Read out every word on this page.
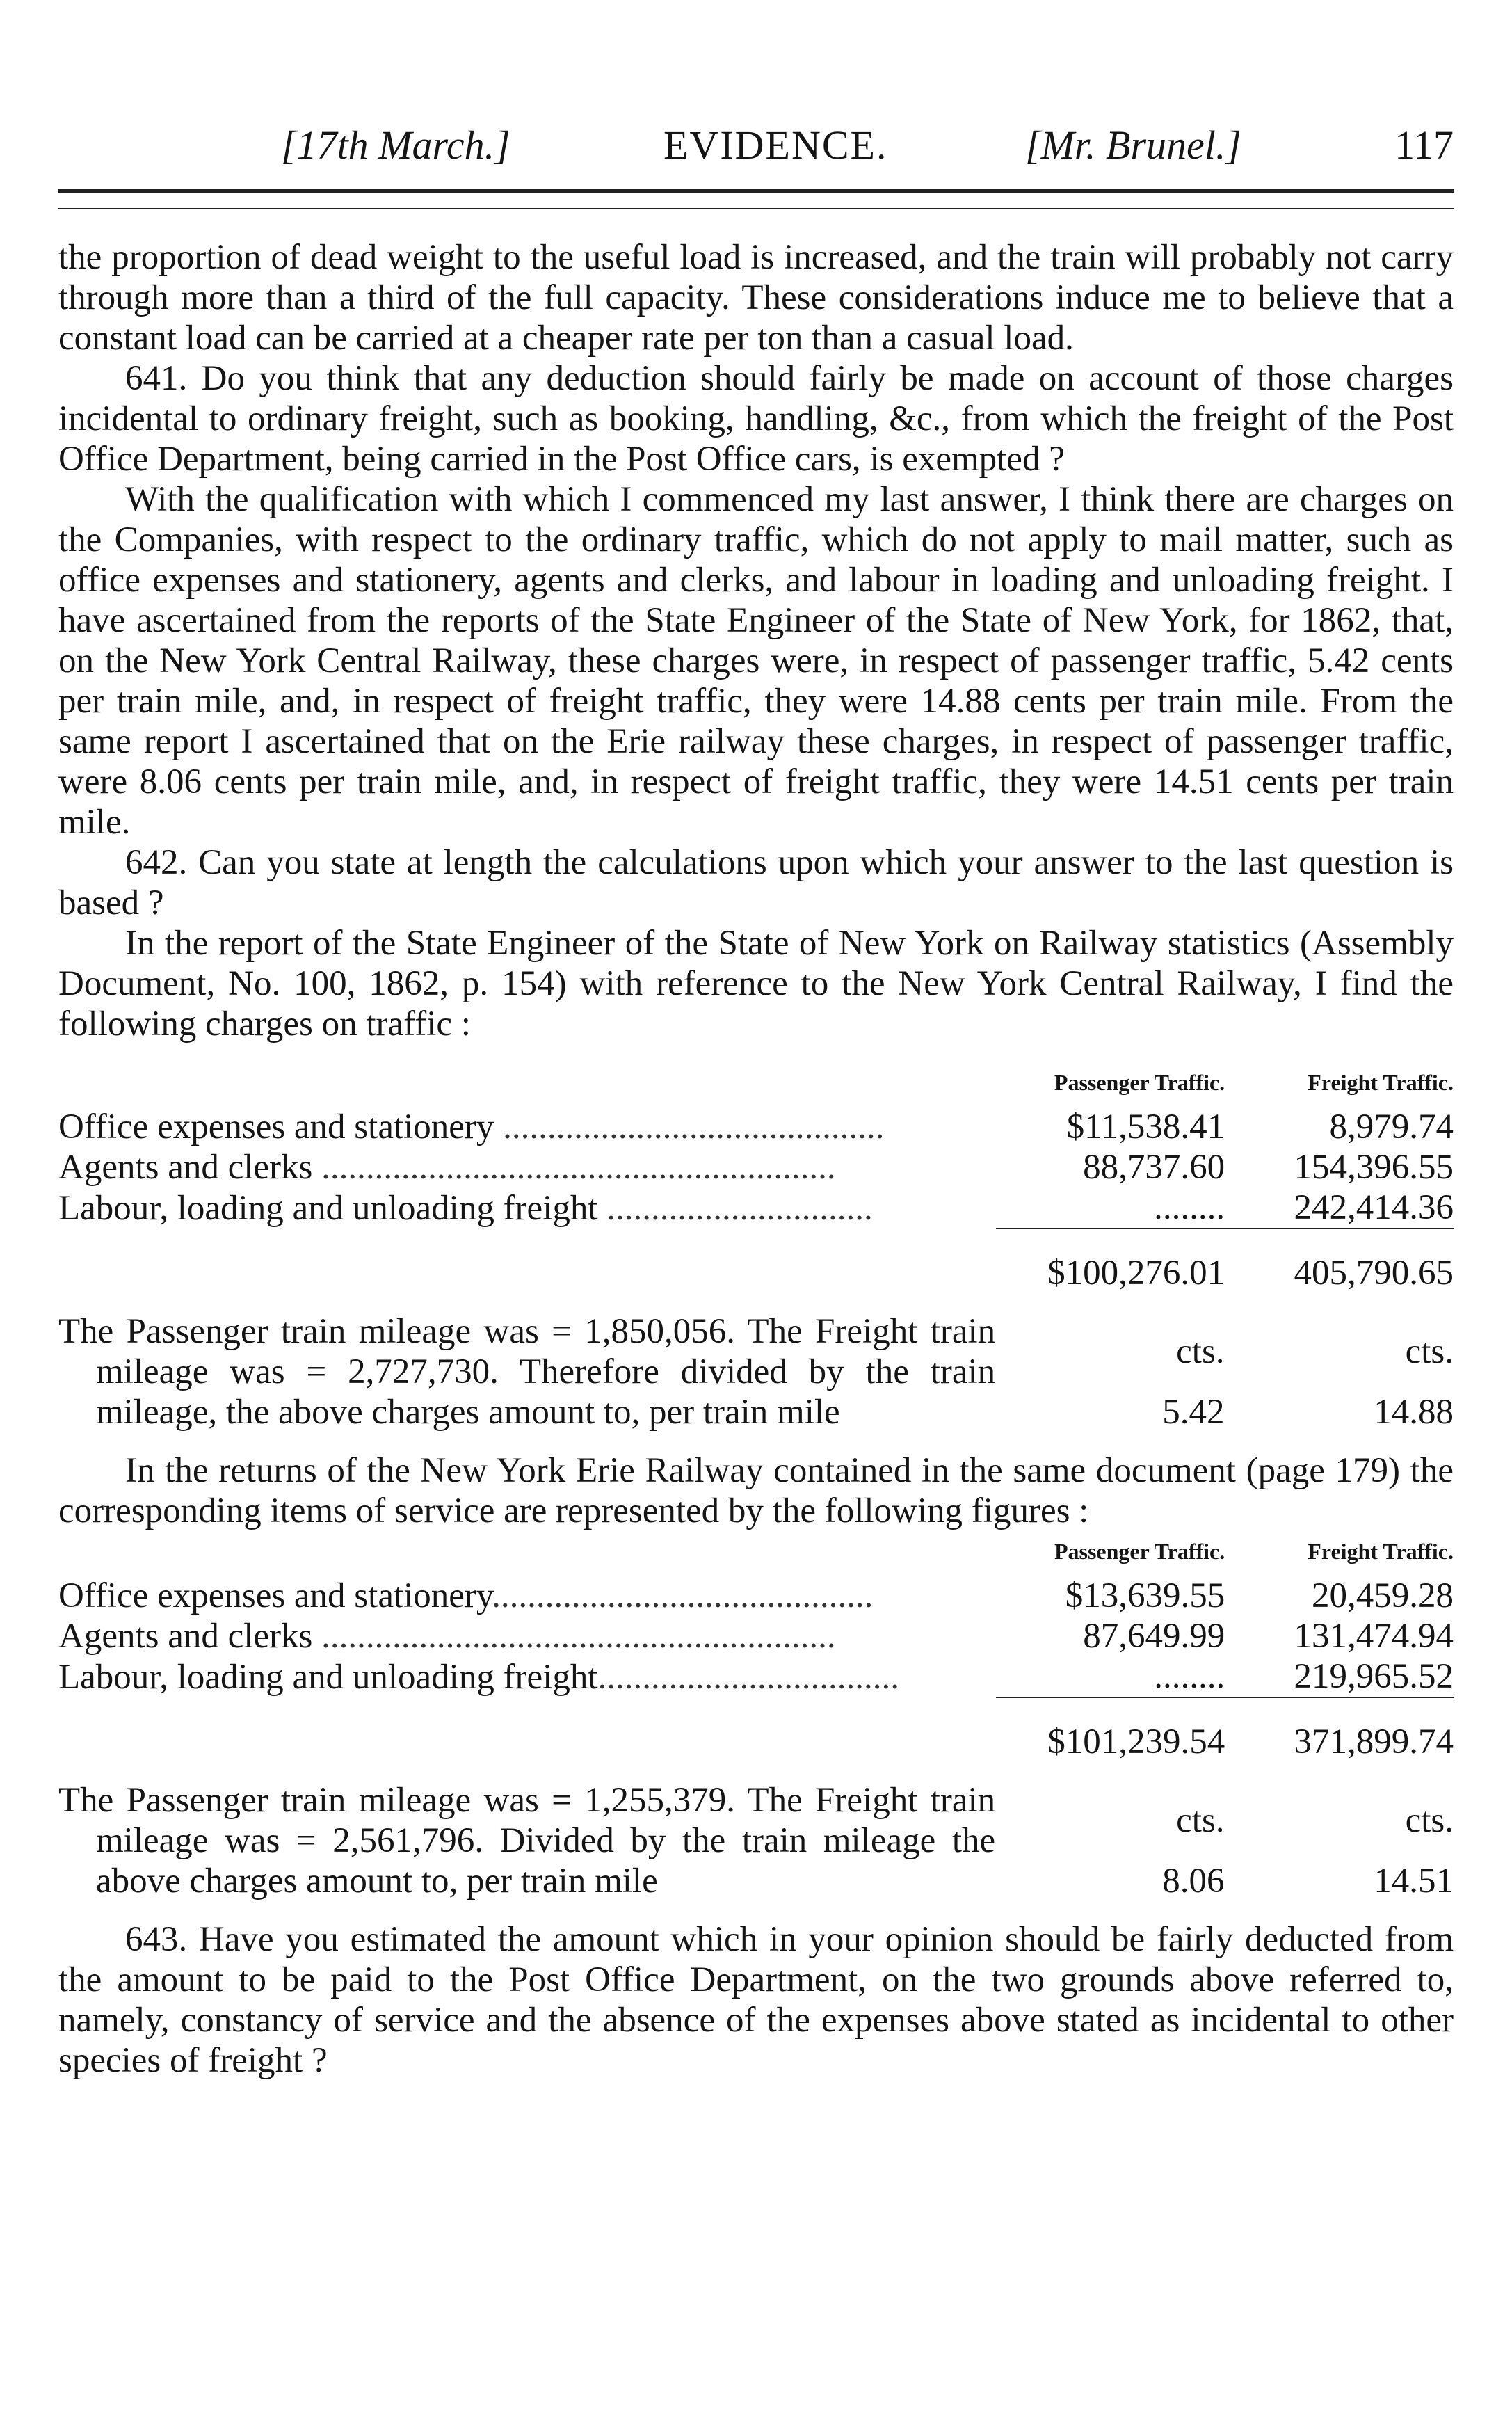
[17th March.]	EVIDENCE.	[Mr. Brunel.]	117

the proportion of dead weight to the useful load is increased, and the train will probably not carry through more than a third of the full capacity. These considerations induce me to believe that a constant load can be carried at a cheaper rate per ton than a casual load.

641. Do you think that any deduction should fairly be made on account of those charges incidental to ordinary freight, such as booking, handling, &c., from which the freight of the Post Office Department, being carried in the Post Office cars, is exempted ?

With the qualification with which I commenced my last answer, I think there are charges on the Companies, with respect to the ordinary traffic, which do not apply to mail matter, such as office expenses and stationery, agents and clerks, and labour in loading and unloading freight. I have ascertained from the reports of the State Engineer of the State of New York, for 1862, that, on the New York Central Railway, these charges were, in respect of passenger traffic, 5.42 cents per train mile, and, in respect of freight traffic, they were 14.88 cents per train mile. From the same report I ascertained that on the Erie railway these charges, in respect of passenger traffic, were 8.06 cents per train mile, and, in respect of freight traffic, they were 14.51 cents per train mile.

642. Can you state at length the calculations upon which your answer to the last question is based ?

In the report of the State Engineer of the State of New York on Railway statistics (Assembly Document, No. 100, 1862, p. 154) with reference to the New York Central Railway, I find the following charges on traffic :

	Passenger Traffic.	Freight Traffic.
Office expenses and stationery ...........................................	$11,538.41	8,979.74
Agents and clerks ..........................................................	88,737.60	154,396.55
Labour, loading and unloading freight ..............................	........	242,414.36
	$100,276.01	405,790.65

The Passenger train mileage was = 1,850,056. The Freight train mileage was = 2,727,730. Therefore divided by the train mileage, the above charges amount to, per train mile	cts.	cts.
	5.42	14.88

In the returns of the New York Erie Railway contained in the same document (page 179) the corresponding items of service are represented by the following figures :

	Passenger Traffic.	Freight Traffic.
Office expenses and stationery...........................................	$13,639.55	20,459.28
Agents and clerks ..........................................................	87,649.99	131,474.94
Labour, loading and unloading freight..................................	........	219,965.52
	$101,239.54	371,899.74

The Passenger train mileage was = 1,255,379. The Freight train mileage was = 2,561,796. Divided by the train mileage the above charges amount to, per train mile	cts.	cts.
	8.06	14.51

643. Have you estimated the amount which in your opinion should be fairly deducted from the amount to be paid to the Post Office Department, on the two grounds above referred to, namely, constancy of service and the absence of the expenses above stated as incidental to other species of freight ?
